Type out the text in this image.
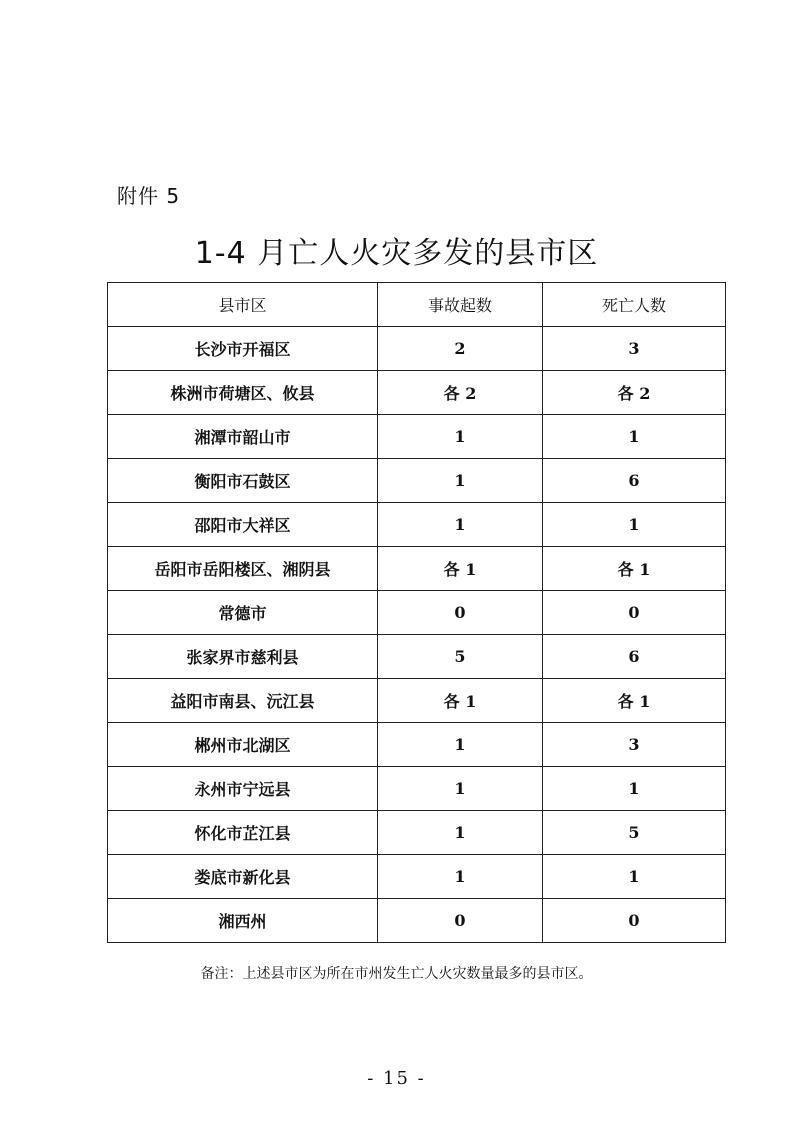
附件 5
1-4 月亡人火灾多发的县市区
县市区	事故起数	死亡人数
长沙市开福区	2	3
株洲市荷塘区、攸县	各 2	各 2
湘潭市韶山市	1	1
衡阳市石鼓区	1	6
邵阳市大祥区	1	1
岳阳市岳阳楼区、湘阴县	各 1	各 1
常德市	0	0
张家界市慈利县	5	6
益阳市南县、沅江县	各 1	各 1
郴州市北湖区	1	3
永州市宁远县	1	1
怀化市芷江县	1	5
娄底市新化县	1	1
湘西州	0	0
备注：上述县市区为所在市州发生亡人火灾数量最多的县市区。
- 15 -
